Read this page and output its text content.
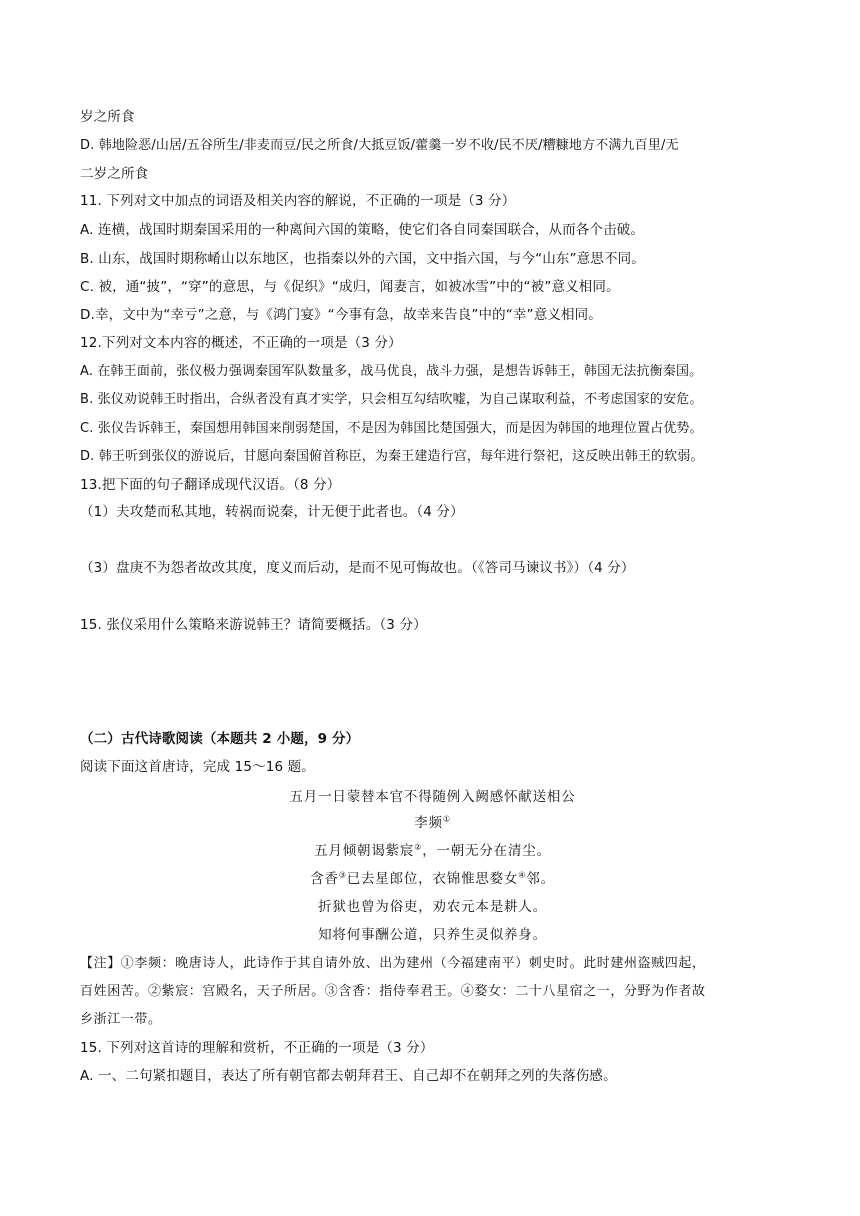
岁之所食
D. 韩地险恶/山居/五谷所生/非麦而豆/民之所食/大抵豆饭/藿羹一岁不收/民不厌/糟糠地方不满九百里/无
二岁之所食
11. 下列对文中加点的词语及相关内容的解说，不正确的一项是（3 分）
A. 连横，战国时期秦国采用的一种离间六国的策略，使它们各自同秦国联合，从而各个击破。
B. 山东，战国时期称崤山以东地区，也指秦以外的六国，文中指六国，与今“山东”意思不同。
C. 被，通“披”，“穿”的意思，与《促织》“成归，闻妻言，如被冰雪”中的“被”意义相同。
D.幸，文中为“幸亏”之意，与《鸿门宴》“今事有急，故幸来告良”中的“幸”意义相同。
12.下列对文本内容的概述，不正确的一项是（3 分）
A. 在韩王面前，张仪极力强调秦国军队数量多，战马优良，战斗力强，是想告诉韩王，韩国无法抗衡秦国。
B. 张仪劝说韩王时指出，合纵者没有真才实学，只会相互勾结吹嘘，为自己谋取利益，不考虑国家的安危。
C. 张仪告诉韩王，秦国想用韩国来削弱楚国，不是因为韩国比楚国强大，而是因为韩国的地理位置占优势。
D. 韩王听到张仪的游说后，甘愿向秦国俯首称臣，为秦王建造行宫，每年进行祭祀，这反映出韩王的软弱。
13.把下面的句子翻译成现代汉语。（8 分）
（1）夫攻楚而私其地，转祸而说秦，计无便于此者也。（4 分）
（3）盘庚不为怨者故改其度，度义而后动，是而不见可悔故也。（《答司马谏议书》）（4 分）
15. 张仪采用什么策略来游说韩王？请简要概括。（3 分）
（二）古代诗歌阅读（本题共 2 小题，9 分）
阅读下面这首唐诗，完成 15～16 题。
五月一日蒙替本官不得随例入阙感怀献送相公
李频①
五月倾朝谒紫宸②，一朝无分在清尘。
含香③已去星郎位，衣锦惟思婺女④邻。
折狱也曾为俗吏，劝农元本是耕人。
知将何事酬公道，只养生灵似养身。
【注】①李频：晚唐诗人，此诗作于其自请外放、出为建州（今福建南平）刺史时。此时建州盗贼四起，
百姓困苦。②紫宸：宫殿名，天子所居。③含香：指侍奉君王。④婺女：二十八星宿之一，分野为作者故
乡浙江一带。
15. 下列对这首诗的理解和赏析，不正确的一项是（3 分）
A. 一、二句紧扣题目，表达了所有朝官都去朝拜君王、自己却不在朝拜之列的失落伤感。
